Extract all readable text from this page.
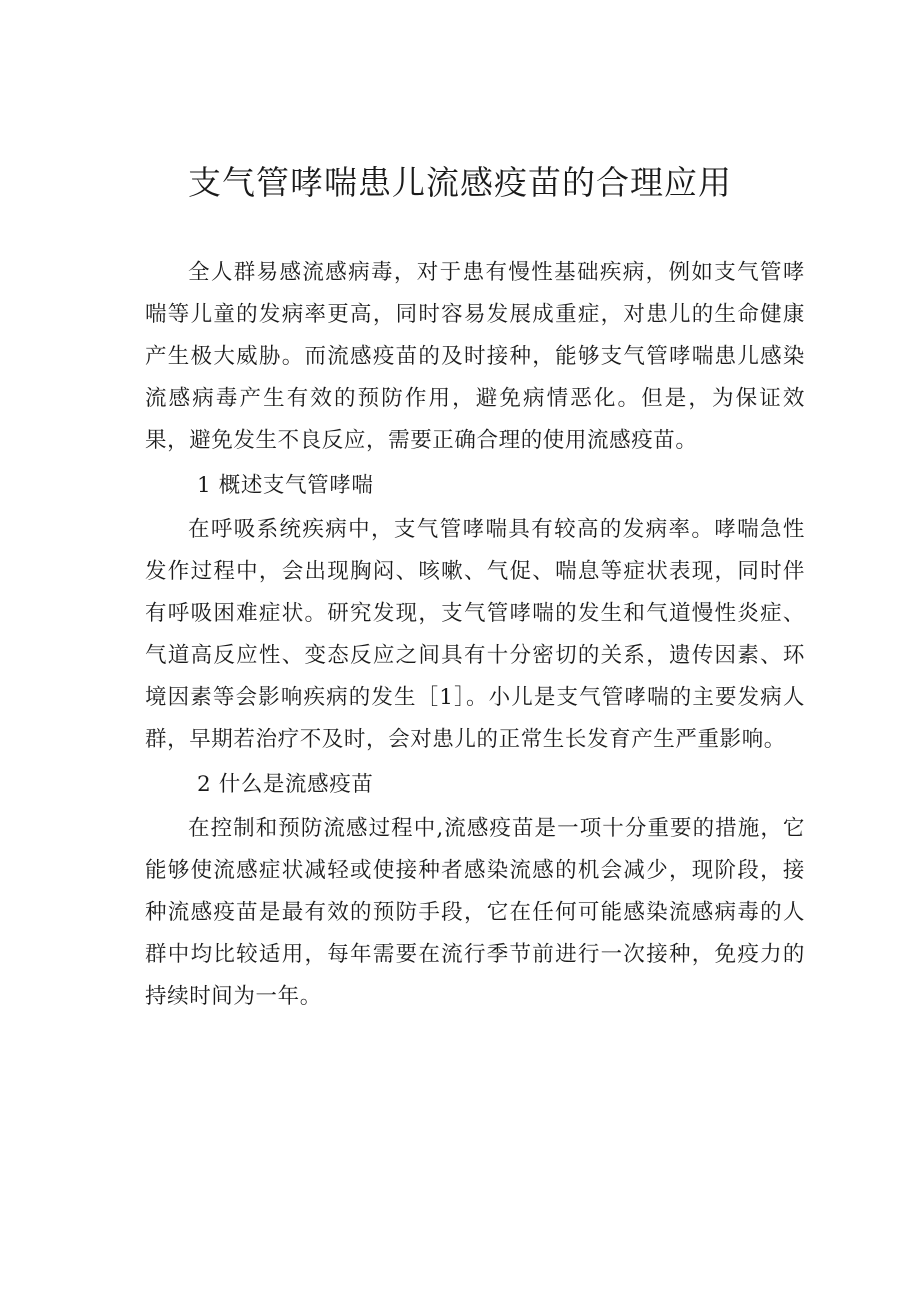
支气管哮喘患儿流感疫苗的合理应用

全人群易感流感病毒，对于患有慢性基础疾病，例如支气管哮喘等儿童的发病率更高，同时容易发展成重症，对患儿的生命健康产生极大威胁。而流感疫苗的及时接种，能够支气管哮喘患儿感染流感病毒产生有效的预防作用，避免病情恶化。但是，为保证效果，避免发生不良反应，需要正确合理的使用流感疫苗。

1 概述支气管哮喘

在呼吸系统疾病中，支气管哮喘具有较高的发病率。哮喘急性发作过程中，会出现胸闷、咳嗽、气促、喘息等症状表现，同时伴有呼吸困难症状。研究发现，支气管哮喘的发生和气道慢性炎症、气道高反应性、变态反应之间具有十分密切的关系，遗传因素、环境因素等会影响疾病的发生［1］。小儿是支气管哮喘的主要发病人群，早期若治疗不及时，会对患儿的正常生长发育产生严重影响。

2 什么是流感疫苗

在控制和预防流感过程中,流感疫苗是一项十分重要的措施，它能够使流感症状减轻或使接种者感染流感的机会减少，现阶段，接种流感疫苗是最有效的预防手段，它在任何可能感染流感病毒的人群中均比较适用，每年需要在流行季节前进行一次接种，免疫力的持续时间为一年。
